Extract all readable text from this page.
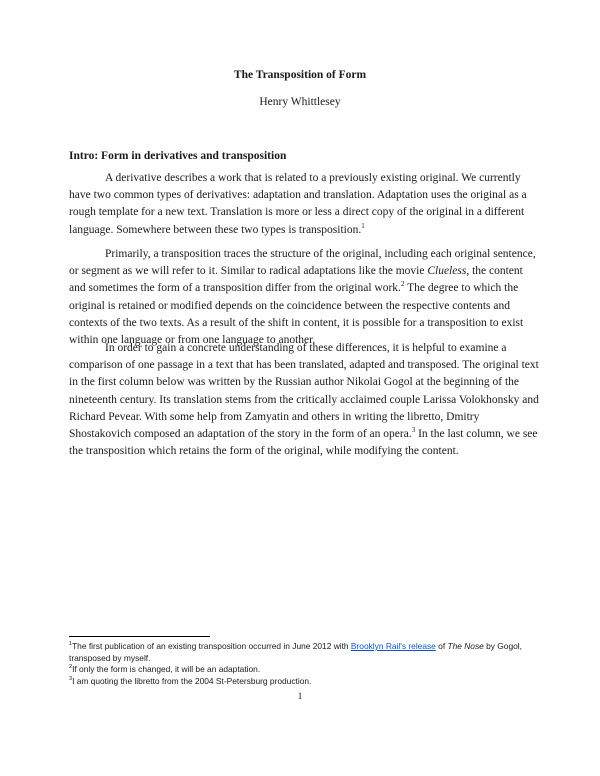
The Transposition of Form
Henry Whittlesey
Intro: Form in derivatives and transposition

A derivative describes a work that is related to a previously existing original. We currently have two common types of derivatives: adaptation and translation. Adaptation uses the original as a rough template for a new text. Translation is more or less a direct copy of the original in a different language. Somewhere between these two types is transposition.$^1$

Primarily, a transposition traces the structure of the original, including each original sentence, or segment as we will refer to it. Similar to radical adaptations like the movie Clueless, the content and sometimes the form of a transposition differ from the original work.$^2$ The degree to which the original is retained or modified depends on the coincidence between the respective contents and contexts of the two texts. As a result of the shift in content, it is possible for a transposition to exist within one language or from one language to another.

In order to gain a concrete understanding of these differences, it is helpful to examine a comparison of one passage in a text that has been translated, adapted and transposed. The original text in the first column below was written by the Russian author Nikolai Gogol at the beginning of the nineteenth century. Its translation stems from the critically acclaimed couple Larissa Volokhonsky and Richard Pevear. With some help from Zamyatin and others in writing the libretto, Dmitry Shostakovich composed an adaptation of the story in the form of an opera.$^3$ In the last column, we see the transposition which retains the form of the original, while modifying the content.

$^1$The first publication of an existing transposition occurred in June 2012 with Brooklyn Rail's release of The Nose by Gogol, transposed by myself.

$^2$If only the form is changed, it will be an adaptation.

$^3$I am quoting the libretto from the 2004 St-Petersburg production.

1
